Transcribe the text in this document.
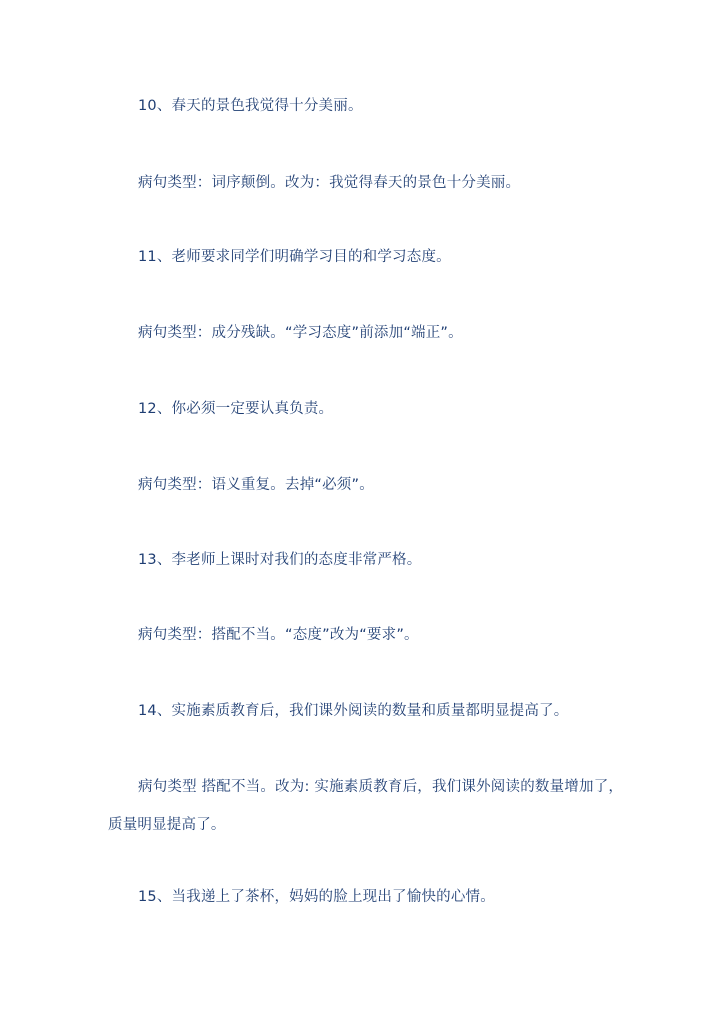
10、春天的景色我觉得十分美丽。

病句类型：词序颠倒。改为：我觉得春天的景色十分美丽。

11、老师要求同学们明确学习目的和学习态度。

病句类型：成分残缺。“学习态度”前添加“端正”。

12、你必须一定要认真负责。

病句类型：语义重复。去掉“必须”。

13、李老师上课时对我们的态度非常严格。

病句类型：搭配不当。“态度”改为“要求”。

14、实施素质教育后，我们课外阅读的数量和质量都明显提高了。

病句类型 搭配不当。改为: 实施素质教育后，我们课外阅读的数量增加了，

质量明显提高了。

15、当我递上了茶杯，妈妈的脸上现出了愉快的心情。
